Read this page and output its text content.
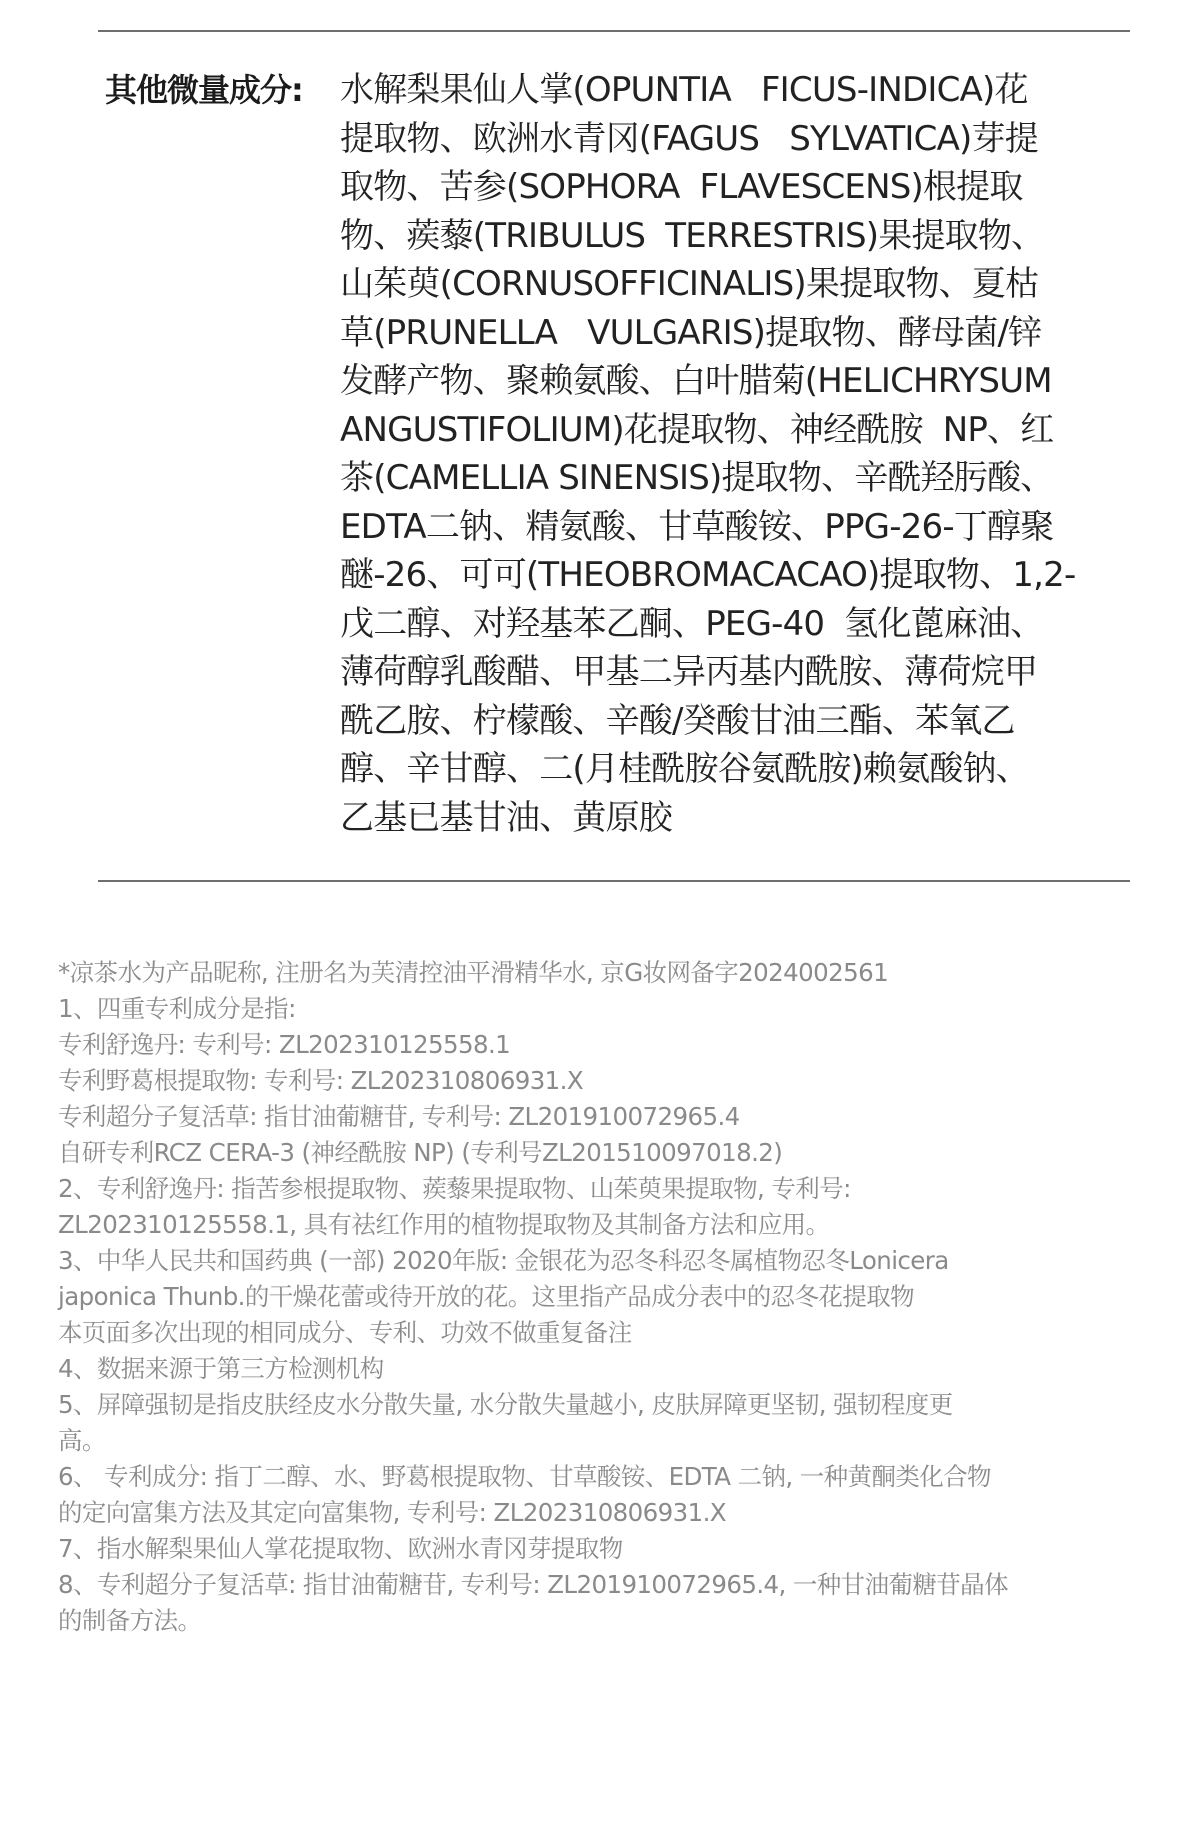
其他微量成分:	水解梨果仙人掌(OPUNTIA   FICUS-INDICA)花
提取物、欧洲水青冈(FAGUS   SYLVATICA)芽提
取物、苦参(SOPHORA  FLAVESCENS)根提取
物、蒺藜(TRIBULUS  TERRESTRIS)果提取物、
山茱萸(CORNUSOFFICINALIS)果提取物、夏枯
草(PRUNELLA   VULGARIS)提取物、酵母菌/锌
发酵产物、聚赖氨酸、白叶腊菊(HELICHRYSUM
ANGUSTIFOLIUM)花提取物、神经酰胺  NP、红
茶(CAMELLIA SINENSIS)提取物、辛酰羟肟酸、
EDTA二钠、精氨酸、甘草酸铵、PPG-26-丁醇聚
醚-26、可可(THEOBROMACACAO)提取物、1,2-
戊二醇、对羟基苯乙酮、PEG-40  氢化蓖麻油、
薄荷醇乳酸醋、甲基二异丙基内酰胺、薄荷烷甲
酰乙胺、柠檬酸、辛酸/癸酸甘油三酯、苯氧乙
醇、辛甘醇、二(月桂酰胺谷氨酰胺)赖氨酸钠、
乙基已基甘油、黄原胶
*凉茶水为产品昵称, 注册名为芙清控油平滑精华水, 京G妆网备字2024002561
1、四重专利成分是指:
专利舒逸丹: 专利号: ZL202310125558.1
专利野葛根提取物: 专利号: ZL202310806931.X
专利超分子复活草: 指甘油葡糖苷, 专利号: ZL201910072965.4
自研专利RCZ CERA-3 (神经酰胺 NP) (专利号ZL201510097018.2)
2、专利舒逸丹: 指苦参根提取物、蒺藜果提取物、山茱萸果提取物, 专利号:
ZL202310125558.1, 具有祛红作用的植物提取物及其制备方法和应用。
3、中华人民共和国药典 (一部) 2020年版: 金银花为忍冬科忍冬属植物忍冬Lonicera
japonica Thunb.的干燥花蕾或待开放的花。这里指产品成分表中的忍冬花提取物
本页面多次出现的相同成分、专利、功效不做重复备注
4、数据来源于第三方检测机构
5、屏障强韧是指皮肤经皮水分散失量, 水分散失量越小, 皮肤屏障更坚韧, 强韧程度更
高。
6、 专利成分: 指丁二醇、水、野葛根提取物、甘草酸铵、EDTA 二钠, 一种黄酮类化合物
的定向富集方法及其定向富集物, 专利号: ZL202310806931.X
7、指水解梨果仙人掌花提取物、欧洲水青冈芽提取物
8、专利超分子复活草: 指甘油葡糖苷, 专利号: ZL201910072965.4, 一种甘油葡糖苷晶体
的制备方法。
